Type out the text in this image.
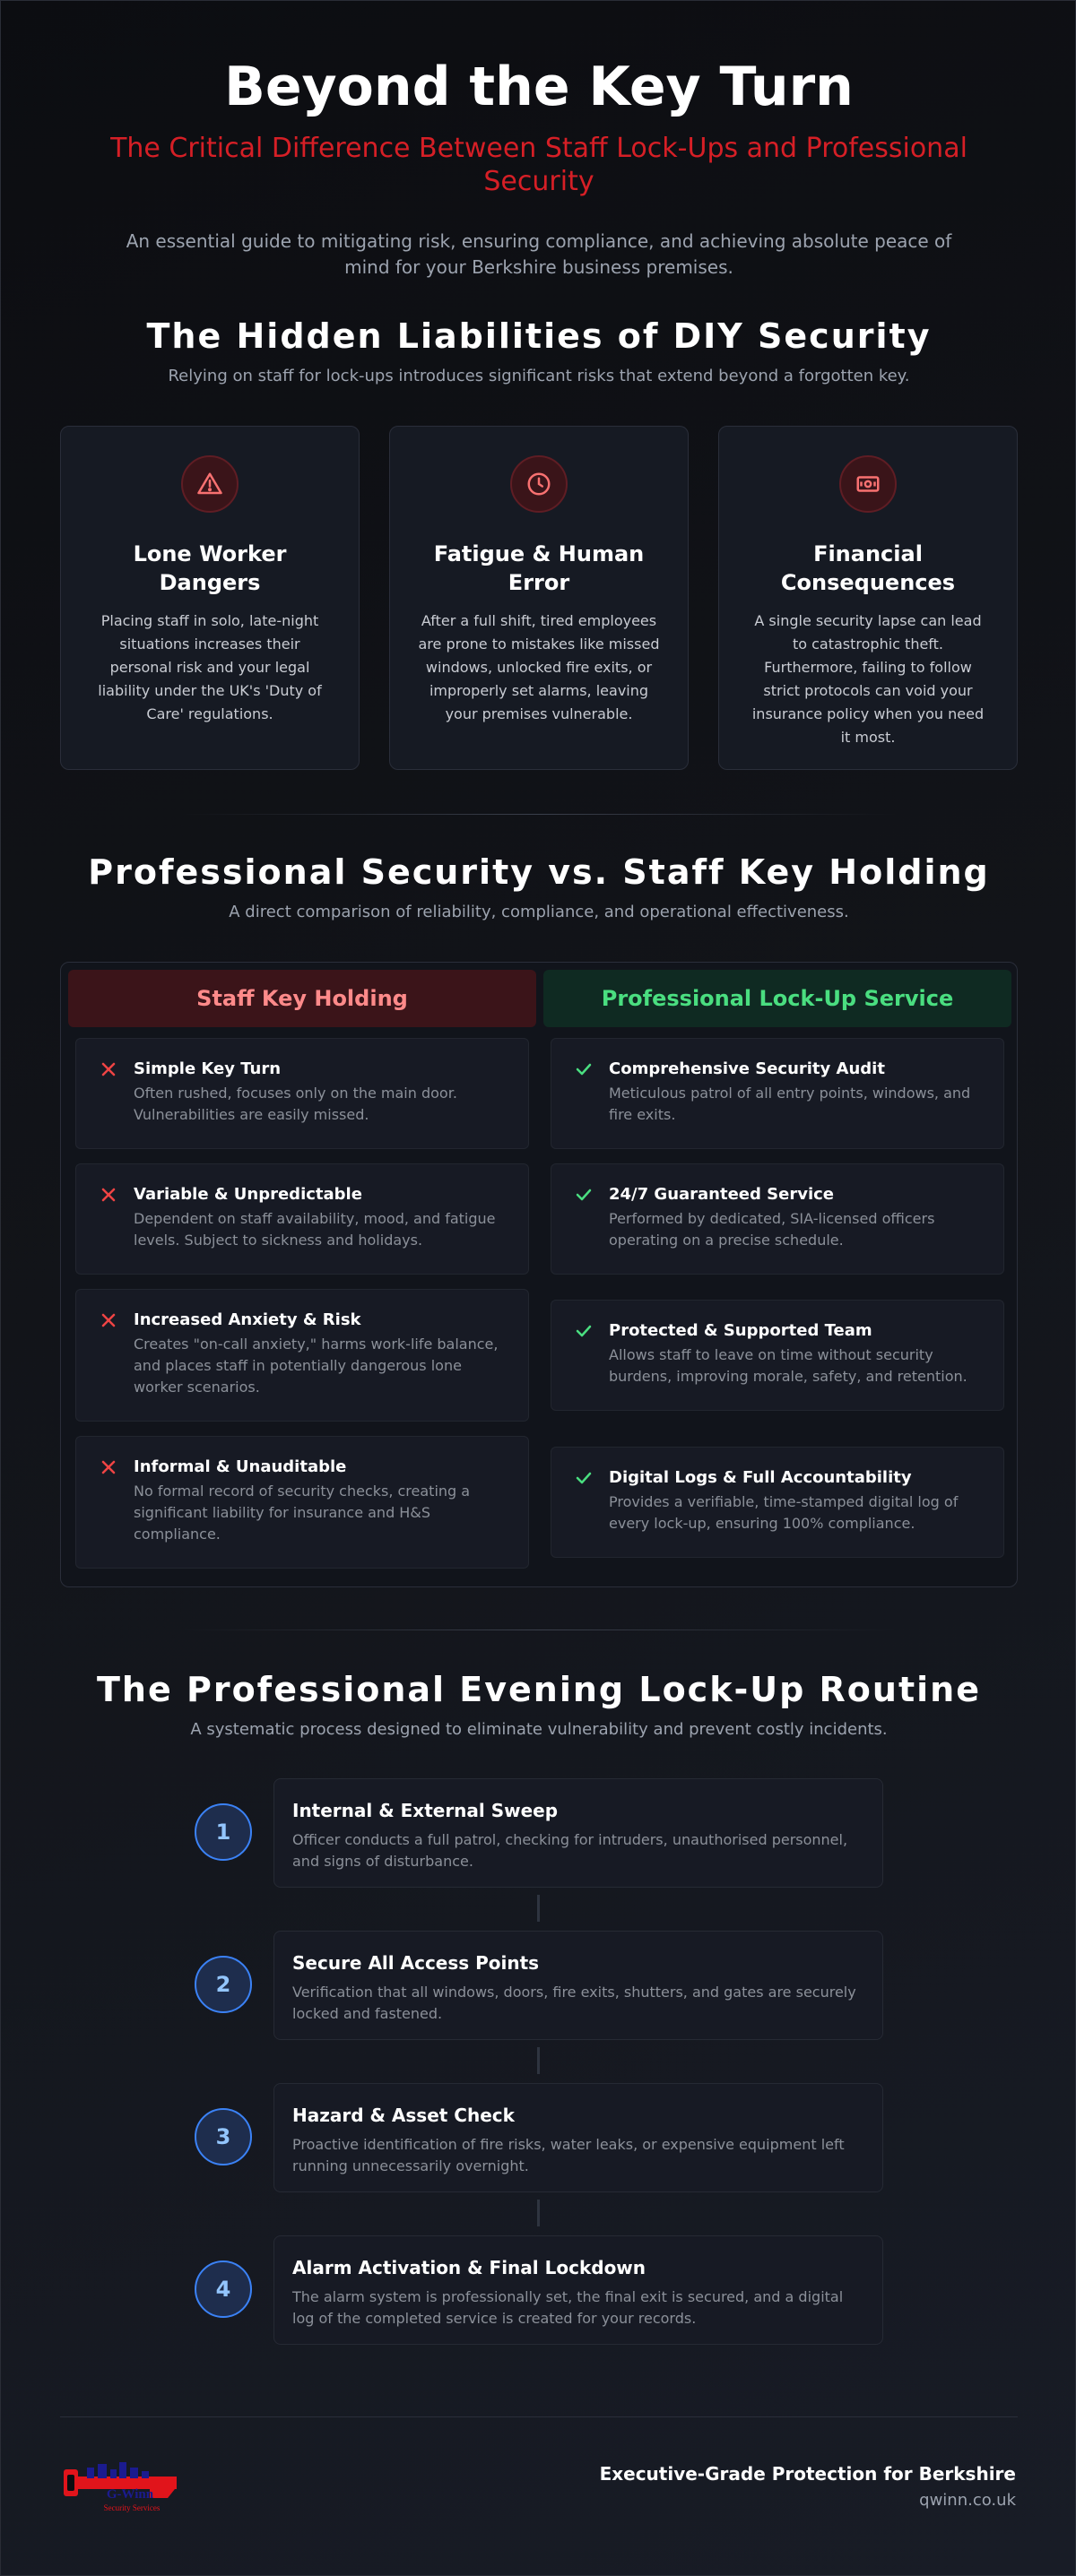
Beyond the Key Turn
The Critical Difference Between Staff Lock-Ups and Professional Security

An essential guide to mitigating risk, ensuring compliance, and achieving absolute peace of mind for your Berkshire business premises.

The Hidden Liabilities of DIY Security

Relying on staff for lock-ups introduces significant risks that extend beyond a forgotten key.

Lone Worker Dangers

Placing staff in solo, late-night situations increases their personal risk and your legal liability under the UK's 'Duty of Care' regulations.

Fatigue & Human Error

After a full shift, tired employees are prone to mistakes like missed windows, unlocked fire exits, or improperly set alarms, leaving your premises vulnerable.

Financial Consequences

A single security lapse can lead to catastrophic theft. Furthermore, failing to follow strict protocols can void your insurance policy when you need it most.

Professional Security vs. Staff Key Holding

A direct comparison of reliability, compliance, and operational effectiveness.

Staff Key Holding
Simple Key Turn

Often rushed, focuses only on the main door. Vulnerabilities are easily missed.

Variable & Unpredictable

Dependent on staff availability, mood, and fatigue levels. Subject to sickness and holidays.

Increased Anxiety & Risk

Creates "on-call anxiety," harms work-life balance, and places staff in potentially dangerous lone worker scenarios.

Informal & Unauditable

No formal record of security checks, creating a significant liability for insurance and H&S compliance.

Professional Lock-Up Service
Comprehensive Security Audit

Meticulous patrol of all entry points, windows, and fire exits.

24/7 Guaranteed Service

Performed by dedicated, SIA-licensed officers operating on a precise schedule.

Protected & Supported Team

Allows staff to leave on time without security burdens, improving morale, safety, and retention.

Digital Logs & Full Accountability

Provides a verifiable, time-stamped digital log of every lock-up, ensuring 100% compliance.

The Professional Evening Lock-Up Routine

A systematic process designed to eliminate vulnerability and prevent costly incidents.

1
Internal & External Sweep

Officer conducts a full patrol, checking for intruders, unauthorised personnel, and signs of disturbance.

2
Secure All Access Points

Verification that all windows, doors, fire exits, shutters, and gates are securely locked and fastened.

3
Hazard & Asset Check

Proactive identification of fire risks, water leaks, or expensive equipment left running unnecessarily overnight.

4
Alarm Activation & Final Lockdown

The alarm system is professionally set, the final exit is secured, and a digital log of the completed service is created for your records.

G-Winn
Security Services
Executive-Grade Protection for Berkshire
qwinn.co.uk
